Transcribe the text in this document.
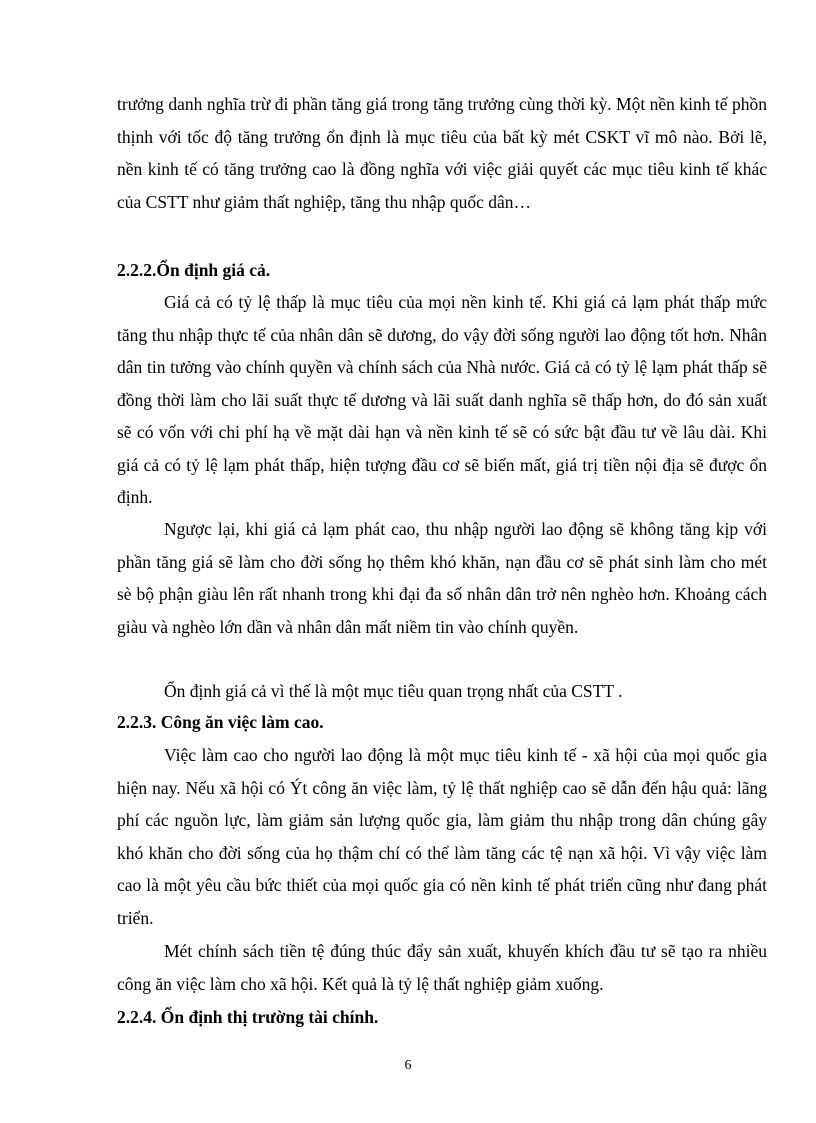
trưởng danh nghĩa trừ đi phần tăng giá trong tăng trưởng cùng thời kỳ. Một nền kinh tế phồn thịnh với tốc độ tăng trưởng ổn định là mục tiêu của bất kỳ mét CSKT vĩ mô nào. Bởi lẽ, nền kinh tế có tăng trưởng cao là đồng nghĩa với việc giải quyết các mục tiêu kinh tế khác của CSTT như giảm thất nghiệp, tăng thu nhập quốc dân…

2.2.2.Ổn định giá cả.

Giá cả có tỷ lệ thấp là mục tiêu của mọi nền kinh tế. Khi giá cả lạm phát thấp mức tăng thu nhập thực tế của nhân dân sẽ dương, do vậy đời sống người lao động tốt hơn. Nhân dân tin tưởng vào chính quyền và chính sách của Nhà nước. Giá cả có tỷ lệ lạm phát thấp sẽ đồng thời làm cho lãi suất thực tế dương và lãi suất danh nghĩa sẽ thấp hơn, do đó sản xuất sẽ có vốn với chi phí hạ về mặt dài hạn và nền kinh tế sẽ có sức bật đầu tư về lâu dài. Khi giá cả có tỷ lệ lạm phát thấp, hiện tượng đầu cơ sẽ biến mất, giá trị tiền nội địa sẽ được ổn định.

Ngược lại, khi giá cả lạm phát cao, thu nhập người lao động sẽ không tăng kịp với phần tăng giá sẽ làm cho đời sống họ thêm khó khăn, nạn đầu cơ sẽ phát sinh làm cho mét sè bộ phận giàu lên rất nhanh trong khi đại đa số nhân dân trở nên nghèo hơn. Khoảng cách giàu và nghèo lớn dần và nhân dân mất niềm tin vào chính quyền.

Ổn định giá cả vì thế là một mục tiêu quan trọng nhất của CSTT .

2.2.3. Công ăn việc làm cao.

Việc làm cao cho người lao động là một mục tiêu kinh tế - xã hội của mọi quốc gia hiện nay. Nếu xã hội có Ýt công ăn việc làm, tỷ lệ thất nghiệp cao sẽ dẫn đến hậu quả: lãng phí các nguồn lực, làm giảm sản lượng quốc gia, làm giảm thu nhập trong dân chúng gây khó khăn cho đời sống của họ thậm chí có thể làm tăng các tệ nạn xã hội. Vì vậy việc làm cao là một yêu cầu bức thiết của mọi quốc gia có nền kinh tế phát triển cũng như đang phát triển.

Mét chính sách tiền tệ đúng thúc đẩy sản xuất, khuyến khích đầu tư sẽ tạo ra nhiều công ăn việc làm cho xã hội. Kết quả là tỷ lệ thất nghiệp giảm xuống.

2.2.4. Ổn định thị trường tài chính.
6
